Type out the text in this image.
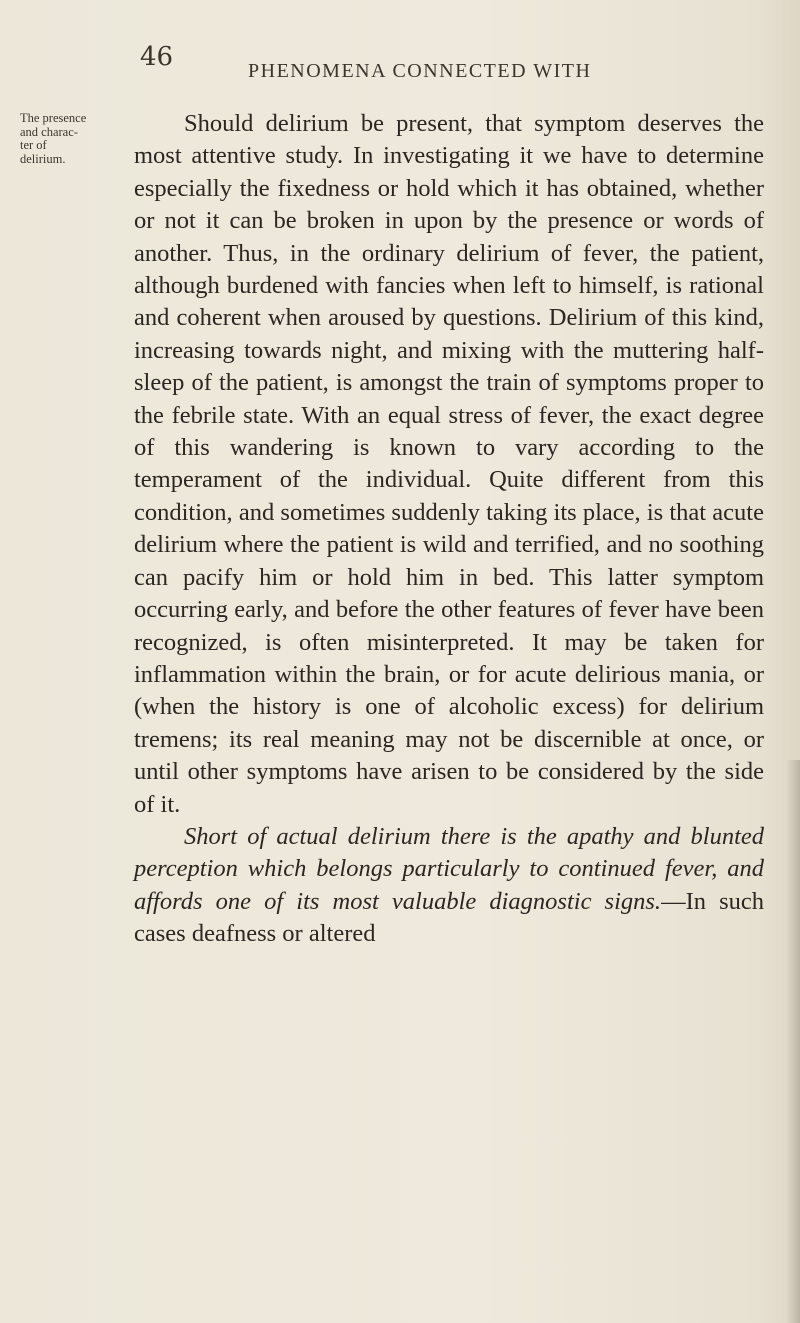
46	PHENOMENA CONNECTED WITH
The presence
and charac-
ter of
delirium.

Should delirium be present, that symptom deserves the most attentive study. In investigating it we have to determine especially the fixedness or hold which it has obtained, whether or not it can be broken in upon by the presence or words of another. Thus, in the ordinary delirium of fever, the patient, although burdened with fancies when left to himself, is rational and coherent when aroused by questions. Delirium of this kind, increasing towards night, and mixing with the muttering half-sleep of the patient, is amongst the train of symptoms proper to the febrile state. With an equal stress of fever, the exact degree of this wandering is known to vary according to the temperament of the individual. Quite different from this condition, and sometimes suddenly taking its place, is that acute delirium where the patient is wild and terrified, and no soothing can pacify him or hold him in bed. This latter symptom occurring early, and before the other features of fever have been recognized, is often misinterpreted. It may be taken for inflammation within the brain, or for acute delirious mania, or (when the history is one of alcoholic excess) for delirium tremens; its real meaning may not be discernible at once, or until other symptoms have arisen to be considered by the side of it.

Short of actual delirium there is the apathy and blunted perception which belongs particularly to continued fever, and affords one of its most valuable diagnostic signs.—In such cases deafness or altered
